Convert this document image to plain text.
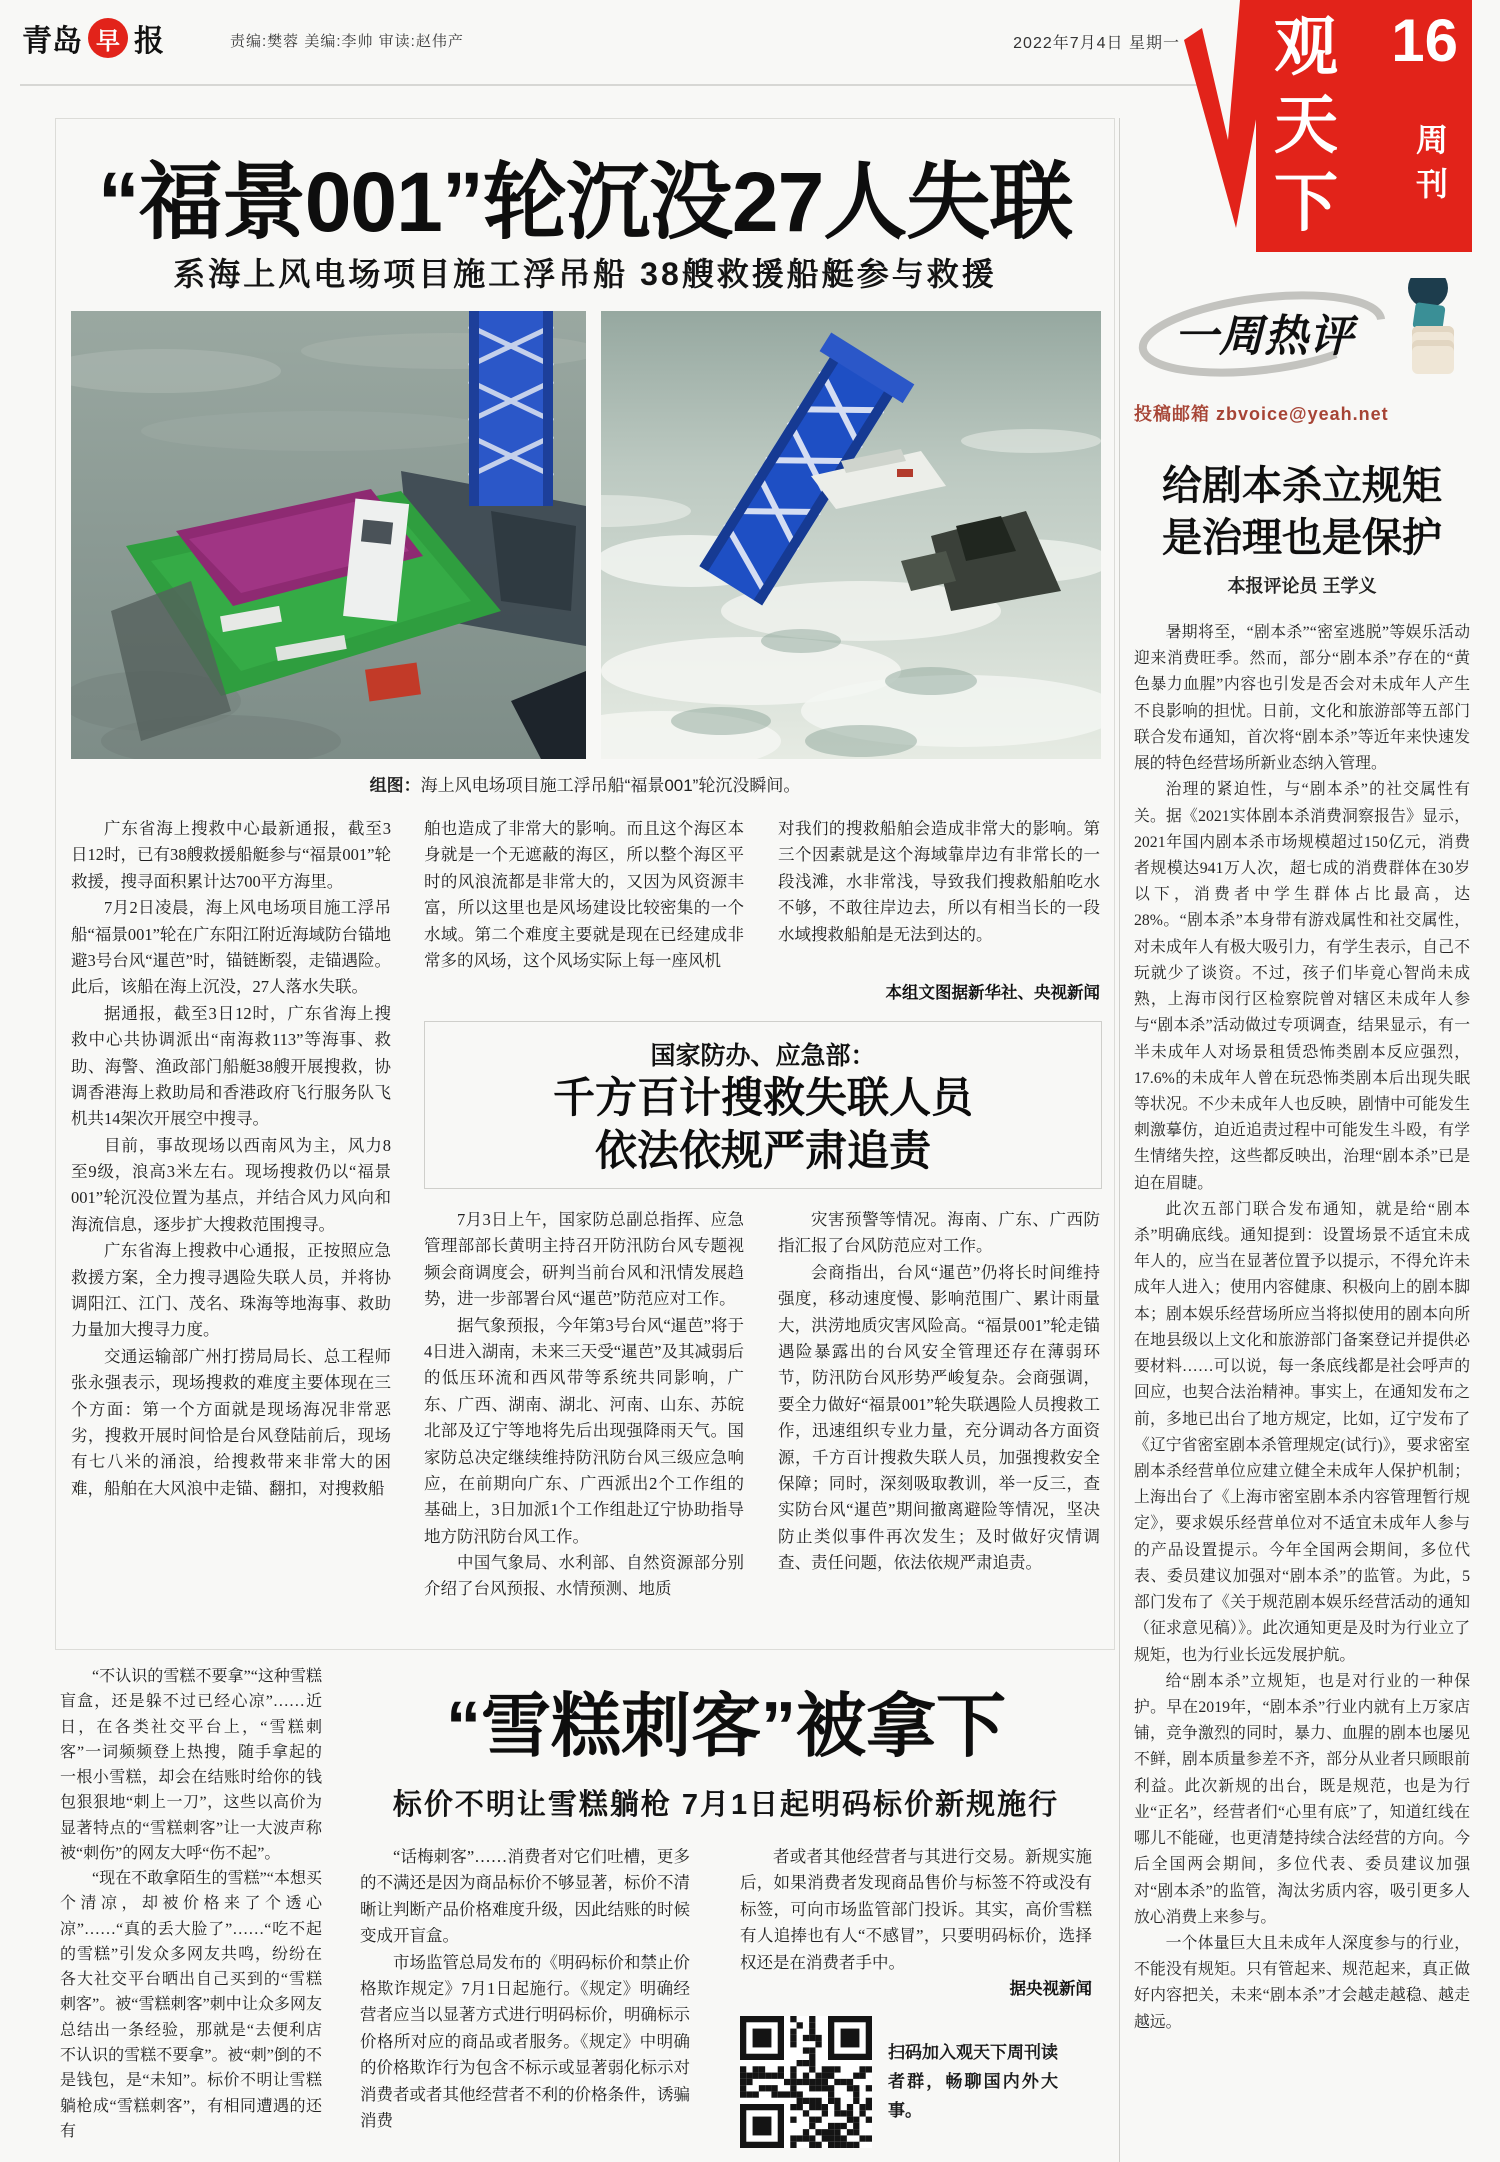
青岛 早 报	责编:樊蓉 美编:李帅 审读:赵伟产	2022年7月4日 星期一 观
天
下
16
周
刊
“福景001”轮沉没27人失联
系海上风电场项目施工浮吊船 38艘救援船艇参与救援
组图：海上风电场项目施工浮吊船“福景001”轮沉没瞬间。

广东省海上搜救中心最新通报，截至3日12时，已有38艘救援船艇参与“福景001”轮救援，搜寻面积累计达700平方海里。

7月2日凌晨，海上风电场项目施工浮吊船“福景001”轮在广东阳江附近海域防台锚地避3号台风“暹芭”时，锚链断裂，走锚遇险。此后，该船在海上沉没，27人落水失联。

据通报，截至3日12时，广东省海上搜救中心共协调派出“南海救113”等海事、救助、海警、渔政部门船艇38艘开展搜救，协调香港海上救助局和香港政府飞行服务队飞机共14架次开展空中搜寻。

目前，事故现场以西南风为主，风力8至9级，浪高3米左右。现场搜救仍以“福景001”轮沉没位置为基点，并结合风力风向和海流信息，逐步扩大搜救范围搜寻。

广东省海上搜救中心通报，正按照应急救援方案，全力搜寻遇险失联人员，并将协调阳江、江门、茂名、珠海等地海事、救助力量加大搜寻力度。

交通运输部广州打捞局局长、总工程师张永强表示，现场搜救的难度主要体现在三个方面：第一个方面就是现场海况非常恶劣，搜救开展时间恰是台风登陆前后，现场有七八米的涌浪，给搜救带来非常大的困难，船舶在大风浪中走锚、翻扣，对搜救船

舶也造成了非常大的影响。而且这个海区本身就是一个无遮蔽的海区，所以整个海区平时的风浪流都是非常大的，又因为风资源丰富，所以这里也是风场建设比较密集的一个水域。第二个难度主要就是现在已经建成非常多的风场，这个风场实际上每一座风机

对我们的搜救船舶会造成非常大的影响。第三个因素就是这个海域靠岸边有非常长的一段浅滩，水非常浅，导致我们搜救船舶吃水不够，不敢往岸边去，所以有相当长的一段水域搜救船舶是无法到达的。

本组文图据新华社、央视新闻
国家防办、应急部：
千方百计搜救失联人员
依法依规严肃追责

7月3日上午，国家防总副总指挥、应急管理部部长黄明主持召开防汛防台风专题视频会商调度会，研判当前台风和汛情发展趋势，进一步部署台风“暹芭”防范应对工作。

据气象预报，今年第3号台风“暹芭”将于4日进入湖南，未来三天受“暹芭”及其减弱后的低压环流和西风带等系统共同影响，广东、广西、湖南、湖北、河南、山东、苏皖北部及辽宁等地将先后出现强降雨天气。国家防总决定继续维持防汛防台风三级应急响应，在前期向广东、广西派出2个工作组的基础上，3日加派1个工作组赴辽宁协助指导地方防汛防台风工作。

中国气象局、水利部、自然资源部分别介绍了台风预报、水情预测、地质

灾害预警等情况。海南、广东、广西防指汇报了台风防范应对工作。

会商指出，台风“暹芭”仍将长时间维持强度，移动速度慢、影响范围广、累计雨量大，洪涝地质灾害风险高。“福景001”轮走锚遇险暴露出的台风安全管理还存在薄弱环节，防汛防台风形势严峻复杂。会商强调，要全力做好“福景001”轮失联遇险人员搜救工作，迅速组织专业力量，充分调动各方面资源，千方百计搜救失联人员，加强搜救安全保障；同时，深刻吸取教训，举一反三，查实防台风“暹芭”期间撤离避险等情况，坚决防止类似事件再次发生；及时做好灾情调查、责任问题，依法依规严肃追责。

“不认识的雪糕不要拿”“这种雪糕盲盒，还是躲不过已经心凉”……近日，在各类社交平台上，“雪糕刺客”一词频频登上热搜，随手拿起的一根小雪糕，却会在结账时给你的钱包狠狠地“刺上一刀”，这些以高价为显著特点的“雪糕刺客”让一大波声称被“刺伤”的网友大呼“伤不起”。

“现在不敢拿陌生的雪糕”“本想买个清凉，却被价格来了个透心凉”……“真的丢大脸了”……“吃不起的雪糕”引发众多网友共鸣，纷纷在各大社交平台晒出自己买到的“雪糕刺客”。被“雪糕刺客”刺中让众多网友总结出一条经验，那就是“去便利店不认识的雪糕不要拿”。被“刺”倒的不是钱包，是“未知”。标价不明让雪糕躺枪成“雪糕刺客”，有相同遭遇的还有

“雪糕刺客”被拿下
标价不明让雪糕躺枪 7月1日起明码标价新规施行

“话梅刺客”……消费者对它们吐槽，更多的不满还是因为商品标价不够显著，标价不清晰让判断产品价格难度升级，因此结账的时候变成开盲盒。

市场监管总局发布的《明码标价和禁止价格欺诈规定》7月1日起施行。《规定》明确经营者应当以显著方式进行明码标价，明确标示价格所对应的商品或者服务。《规定》中明确的价格欺诈行为包含不标示或显著弱化标示对消费者或者其他经营者不利的价格条件，诱骗消费

者或者其他经营者与其进行交易。新规实施后，如果消费者发现商品售价与标签不符或没有标签，可向市场监管部门投诉。其实，高价雪糕有人追捧也有人“不感冒”，只要明码标价，选择权还是在消费者手中。

据央视新闻

扫码加入观天下周刊读者群，畅聊国内外大事。
一周热评
投稿邮箱 zbvoice@yeah.net
给剧本杀立规矩
是治理也是保护
本报评论员 王学义

暑期将至，“剧本杀”“密室逃脱”等娱乐活动迎来消费旺季。然而，部分“剧本杀”存在的“黄色暴力血腥”内容也引发是否会对未成年人产生不良影响的担忧。日前，文化和旅游部等五部门联合发布通知，首次将“剧本杀”等近年来快速发展的特色经营场所新业态纳入管理。

治理的紧迫性，与“剧本杀”的社交属性有关。据《2021实体剧本杀消费洞察报告》显示，2021年国内剧本杀市场规模超过150亿元，消费者规模达941万人次，超七成的消费群体在30岁以下，消费者中学生群体占比最高，达28%。“剧本杀”本身带有游戏属性和社交属性，对未成年人有极大吸引力，有学生表示，自己不玩就少了谈资。不过，孩子们毕竟心智尚未成熟，上海市闵行区检察院曾对辖区未成年人参与“剧本杀”活动做过专项调查，结果显示，有一半未成年人对场景租赁恐怖类剧本反应强烈，17.6%的未成年人曾在玩恐怖类剧本后出现失眠等状况。不少未成年人也反映，剧情中可能发生刺激摹仿，迫近追责过程中可能发生斗殴，有学生情绪失控，这些都反映出，治理“剧本杀”已是迫在眉睫。

此次五部门联合发布通知，就是给“剧本杀”明确底线。通知提到：设置场景不适宜未成年人的，应当在显著位置予以提示，不得允许未成年人进入；使用内容健康、积极向上的剧本脚本；剧本娱乐经营场所应当将拟使用的剧本向所在地县级以上文化和旅游部门备案登记并提供必要材料……可以说，每一条底线都是社会呼声的回应，也契合法治精神。事实上，在通知发布之前，多地已出台了地方规定，比如，辽宁发布了《辽宁省密室剧本杀管理规定(试行)》，要求密室剧本杀经营单位应建立健全未成年人保护机制；上海出台了《上海市密室剧本杀内容管理暂行规定》，要求娱乐经营单位对不适宜未成年人参与的产品设置提示。今年全国两会期间，多位代表、委员建议加强对“剧本杀”的监管。为此，5部门发布了《关于规范剧本娱乐经营活动的通知（征求意见稿）》。此次通知更是及时为行业立了规矩，也为行业长远发展护航。

给“剧本杀”立规矩，也是对行业的一种保护。早在2019年，“剧本杀”行业内就有上万家店铺，竞争激烈的同时，暴力、血腥的剧本也屡见不鲜，剧本质量参差不齐，部分从业者只顾眼前利益。此次新规的出台，既是规范，也是为行业“正名”，经营者们“心里有底”了，知道红线在哪儿不能碰，也更清楚持续合法经营的方向。今后全国两会期间，多位代表、委员建议加强对“剧本杀”的监管，淘汰劣质内容，吸引更多人放心消费上来参与。

一个体量巨大且未成年人深度参与的行业，不能没有规矩。只有管起来、规范起来，真正做好内容把关，未来“剧本杀”才会越走越稳、越走越远。
